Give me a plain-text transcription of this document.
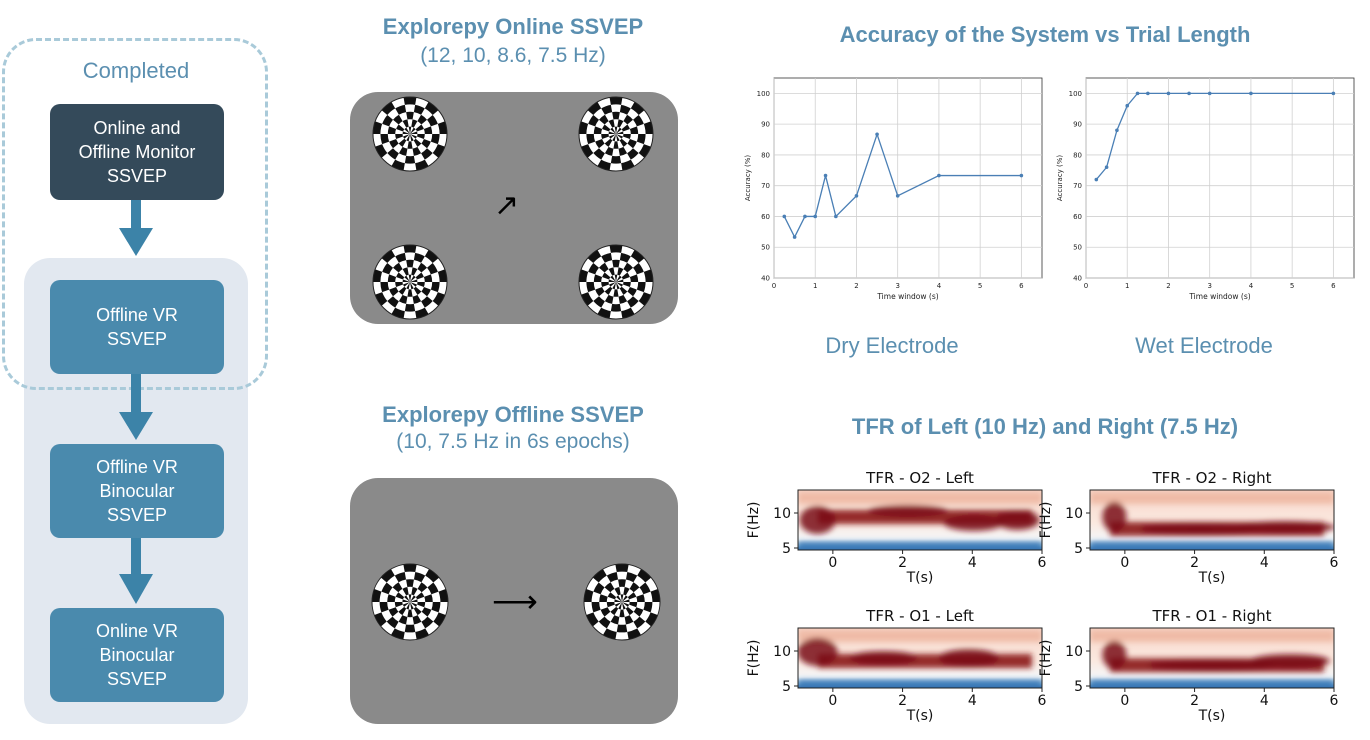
Completed
Online and
Offline Monitor
SSVEP
Offline VR
SSVEP
Offline VR
Binocular
SSVEP
Online VR
Binocular
SSVEP
Explorepy Online SSVEP
(12, 10, 8.6, 7.5 Hz)
↗
Explorepy Offline SSVEP
(10, 7.5 Hz in 6s epochs)
⟶
Accuracy of the System vs Trial Length
0	1	2	3	4	5	6
40
50
60
70
80
90
100
Time window (s)
Accuracy (%)
0	1	2	3	4	5	6
40
50
60
70
80
90
100
Time window (s)
Accuracy (%)
Dry Electrode	Wet Electrode
TFR of Left (10 Hz) and Right (7.5 Hz)
TFR - O2 - Left
0	2	4	6
10
5
T(s)
F(Hz)
TFR - O2 - Right
0	2	4	6
10
5
T(s)
F(Hz)
TFR - O1 - Left
0	2	4	6
10
5
T(s)
F(Hz)
TFR - O1 - Right
0	2	4	6
10
5
T(s)
F(Hz)
